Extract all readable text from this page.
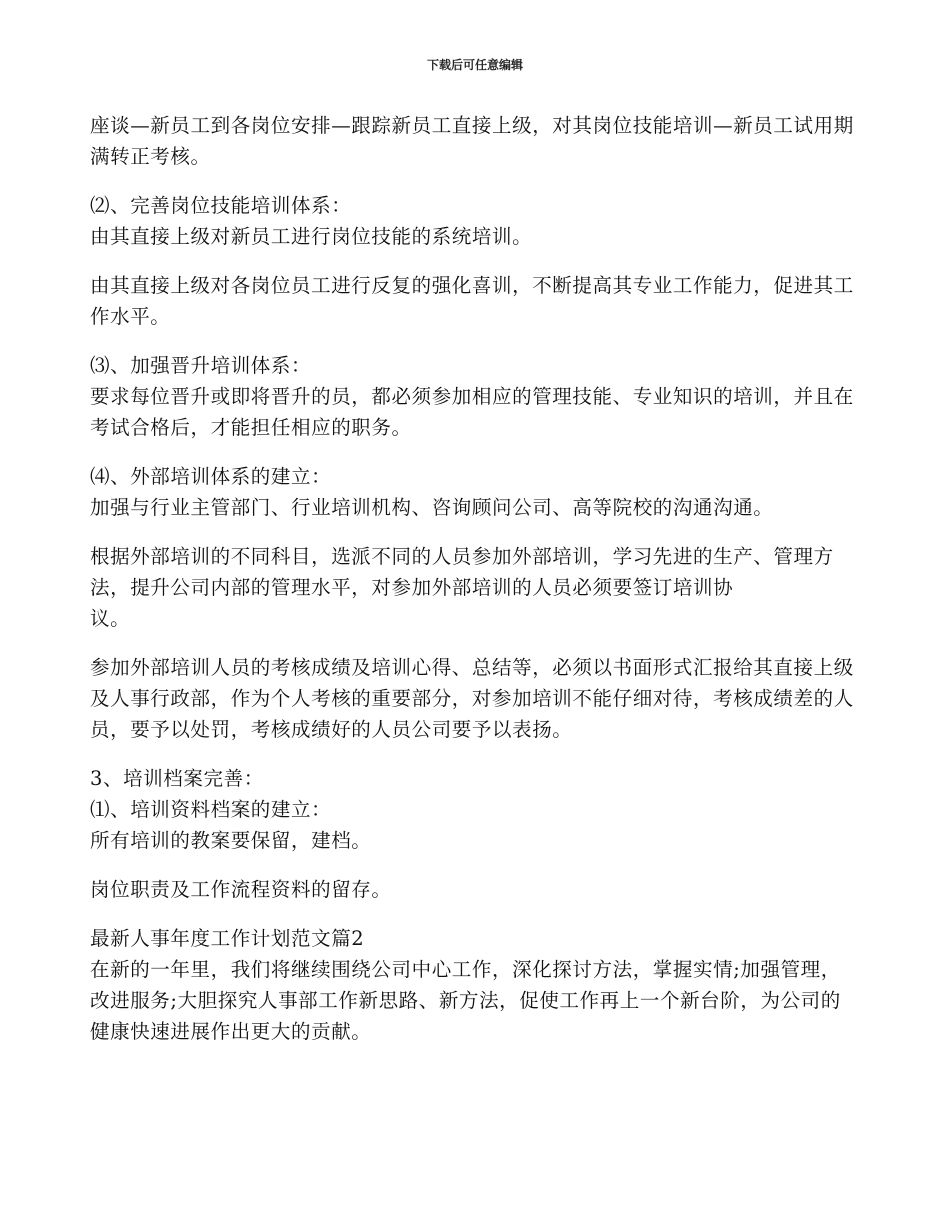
下载后可任意编辑

座谈—新员工到各岗位安排—跟踪新员工直接上级，对其岗位技能培训—新员工试用期满转正考核。

⑵、完善岗位技能培训体系：

由其直接上级对新员工进行岗位技能的系统培训。

由其直接上级对各岗位员工进行反复的强化喜训，不断提高其专业工作能力，促进其工作水平。

⑶、加强晋升培训体系：

要求每位晋升或即将晋升的员，都必须参加相应的管理技能、专业知识的培训，并且在考试合格后，才能担任相应的职务。

⑷、外部培训体系的建立：

加强与行业主管部门、行业培训机构、咨询顾问公司、高等院校的沟通沟通。

根据外部培训的不同科目，选派不同的人员参加外部培训，学习先进的生产、管理方法，提升公司内部的管理水平，对参加外部培训的人员必须要签订培训协
议。

参加外部培训人员的考核成绩及培训心得、总结等，必须以书面形式汇报给其直接上级及人事行政部，作为个人考核的重要部分，对参加培训不能仔细对待，考核成绩差的人员，要予以处罚，考核成绩好的人员公司要予以表扬。

3、培训档案完善：

⑴、培训资料档案的建立：

所有培训的教案要保留，建档。

岗位职责及工作流程资料的留存。

最新人事年度工作计划范文篇2

在新的一年里，我们将继续围绕公司中心工作，深化探讨方法，掌握实情;加强管理，改进服务;大胆探究人事部工作新思路、新方法，促使工作再上一个新台阶，为公司的健康快速进展作出更大的贡献。
